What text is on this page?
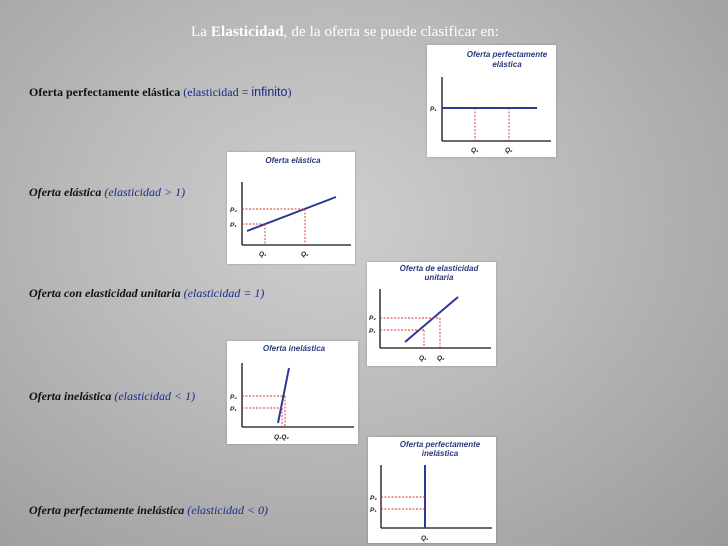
La Elasticidad, de la oferta se puede clasificar en:
Oferta perfectamente elástica (elasticidad = infinito)
Oferta elástica (elasticidad > 1)
Oferta con elasticidad unitaria (elasticidad = 1)
Oferta inelástica (elasticidad < 1)
Oferta perfectamente inelástica (elasticidad < 0)
Oferta perfectamente
elástica
P₁
Q₁	Q₂
Oferta elástica
P₂
P₁
Q₁	Q₂
Oferta de elasticidad
unitaria
P₂
P₁
Q₁ Q₂
Oferta inelástica
P₂
P₁
Q₁Q₂
Oferta perfectamente
inelástica
P₂
P₁
Q₁
